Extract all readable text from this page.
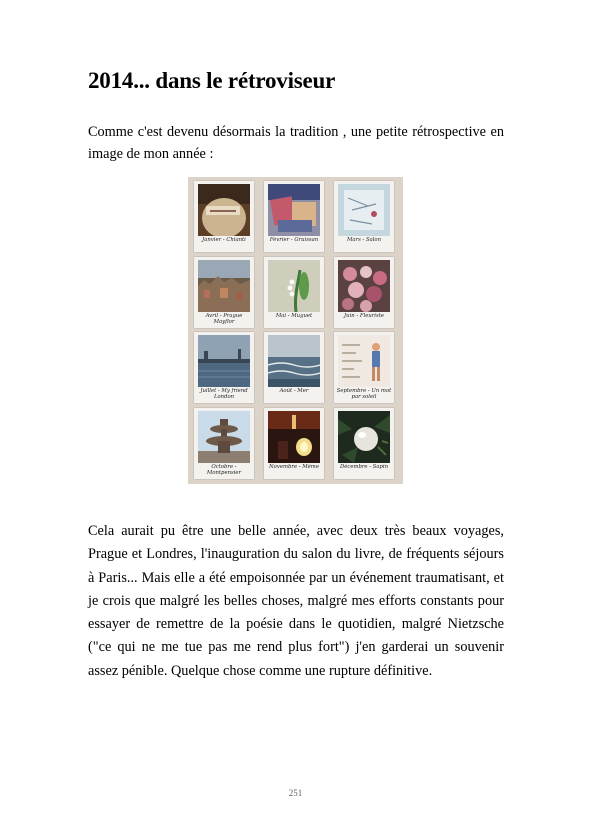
2014... dans le rétroviseur

Comme c'est devenu désormais la tradition , une petite rétrospective en image de mon année :

Janvier - Chianti	Février - Gruissan	Mars - Salon
Avril - Prague Mayflor
Mai - Muguet	Juin - Fleuriste
Juillet - My friend London
Août - Mer	Septembre - Un mot par soleil
Octobre - Montpensier
Novembre - Même	Décembre - Sapin

Cela aurait pu être une belle année, avec deux très beaux voyages, Prague et Londres, l'inauguration du salon du livre, de fréquents séjours à Paris... Mais elle a été empoisonnée par un événement traumatisant, et je crois que malgré les belles choses, malgré mes efforts constants pour essayer de remettre de la poésie dans le quotidien, malgré Nietzsche ("ce qui ne me tue pas me rend plus fort") j'en garderai un souvenir assez pénible. Quelque chose comme une rupture définitive.

251
